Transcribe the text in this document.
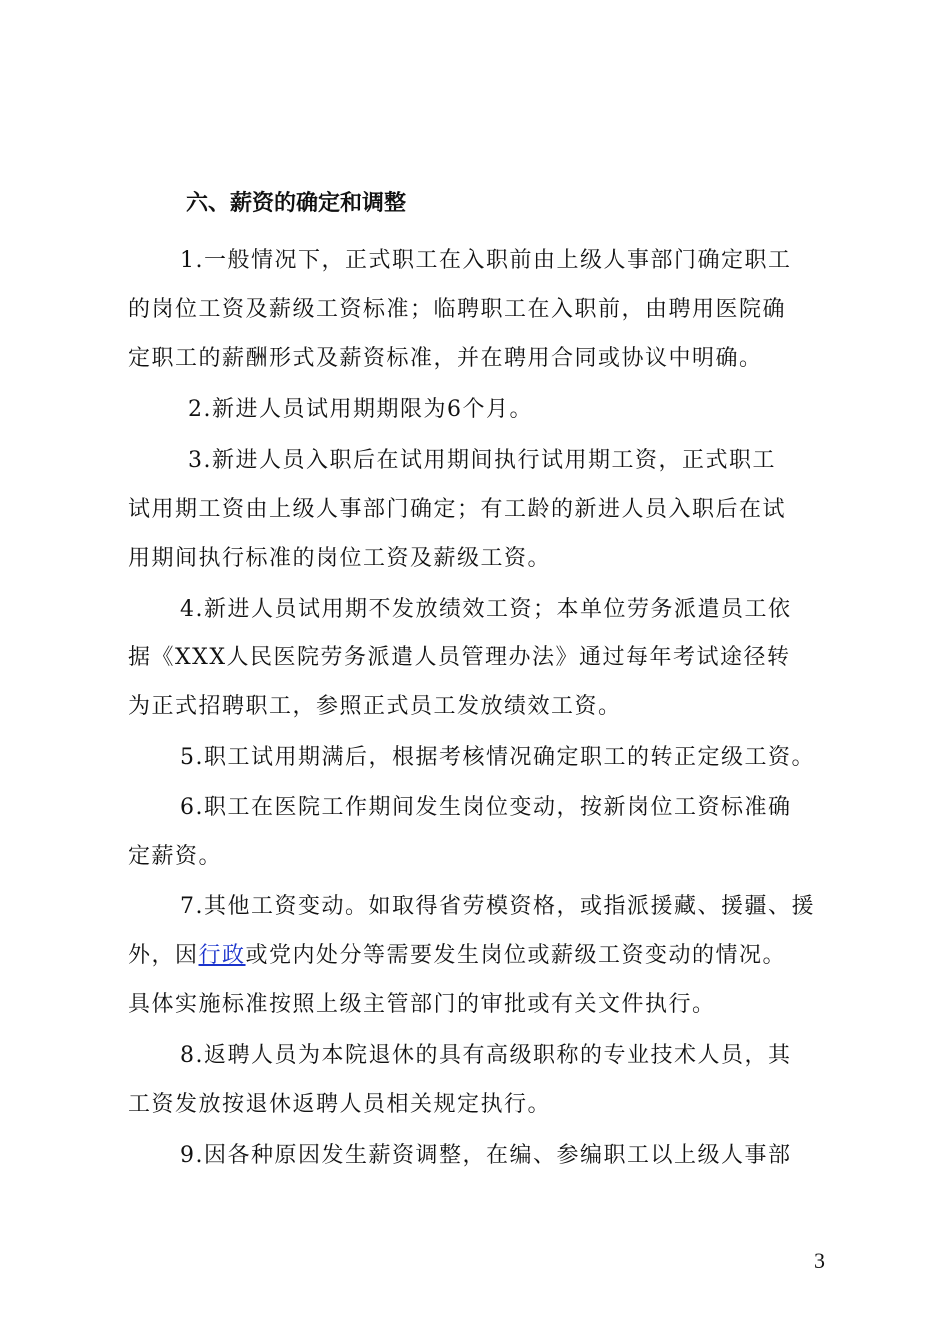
六、薪资的确定和调整
1.一般情况下，正式职工在入职前由上级人事部门确定职工
的岗位工资及薪级工资标准；临聘职工在入职前，由聘用医院确
定职工的薪酬形式及薪资标准，并在聘用合同或协议中明确。
2.新进人员试用期期限为6个月。
3.新进人员入职后在试用期间执行试用期工资，正式职工
试用期工资由上级人事部门确定；有工龄的新进人员入职后在试
用期间执行标准的岗位工资及薪级工资。
4.新进人员试用期不发放绩效工资；本单位劳务派遣员工依
据《XXX人民医院劳务派遣人员管理办法》通过每年考试途径转
为正式招聘职工，参照正式员工发放绩效工资。
5.职工试用期满后，根据考核情况确定职工的转正定级工资。
6.职工在医院工作期间发生岗位变动，按新岗位工资标准确
定薪资。
7.其他工资变动。如取得省劳模资格，或指派援藏、援疆、援
外，因行政或党内处分等需要发生岗位或薪级工资变动的情况。
具体实施标准按照上级主管部门的审批或有关文件执行。
8.返聘人员为本院退休的具有高级职称的专业技术人员，其
工资发放按退休返聘人员相关规定执行。
9.因各种原因发生薪资调整，在编、参编职工以上级人事部
3
